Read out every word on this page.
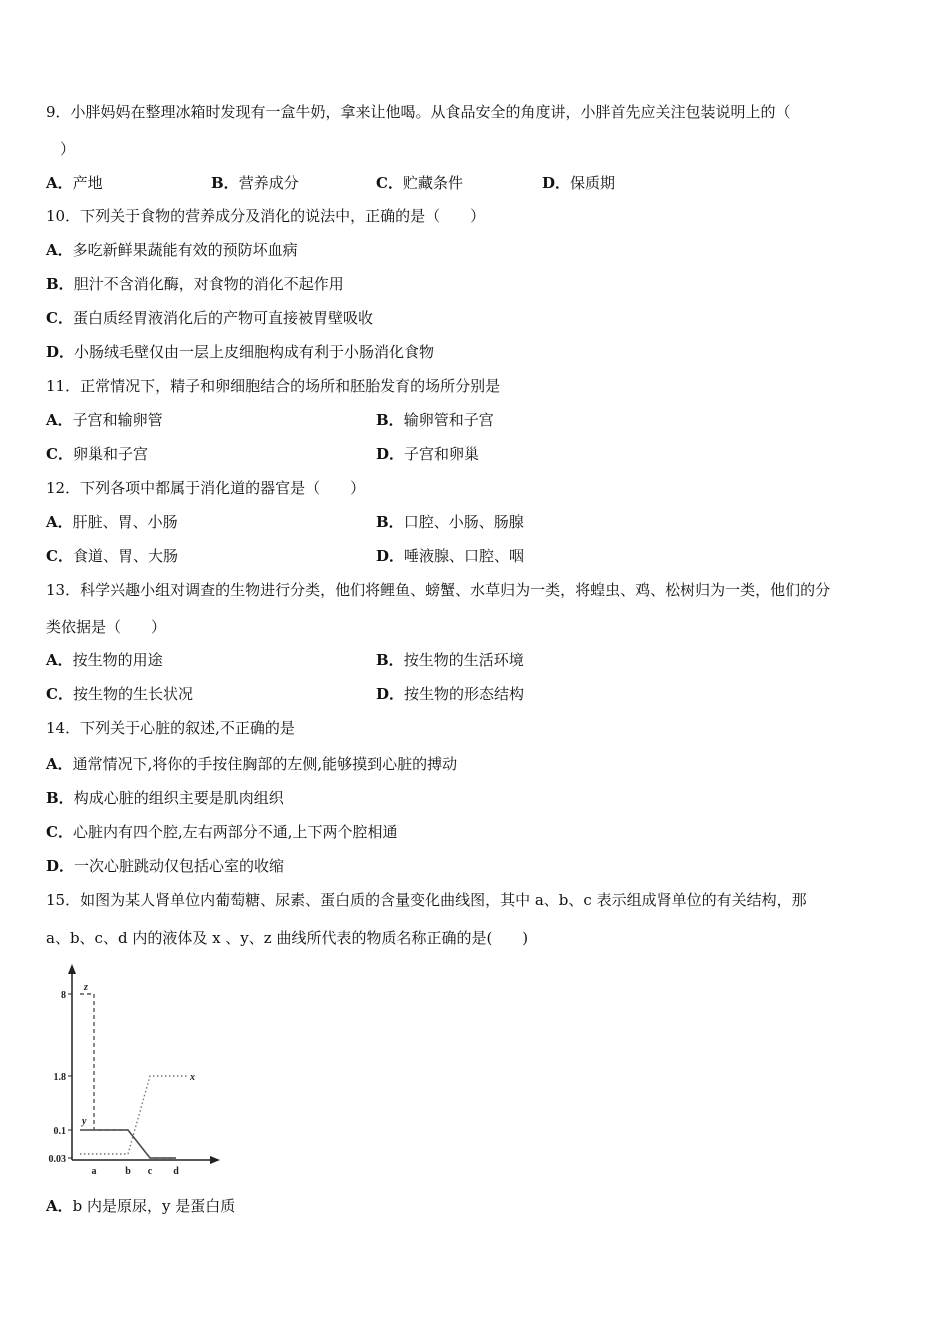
9．小胖妈妈在整理冰箱时发现有一盒牛奶，拿来让他喝。从食品安全的角度讲，小胖首先应关注包装说明上的（
）
A．产地	B．营养成分	C．贮藏条件	D．保质期
10．下列关于食物的营养成分及消化的说法中，正确的是（　　）
A．多吃新鲜果蔬能有效的预防坏血病
B．胆汁不含消化酶，对食物的消化不起作用
C．蛋白质经胃液消化后的产物可直接被胃壁吸收
D．小肠绒毛壁仅由一层上皮细胞构成有利于小肠消化食物
11．正常情况下，精子和卵细胞结合的场所和胚胎发育的场所分别是
A．子宫和输卵管	B．输卵管和子宫
C．卵巢和子宫	D．子宫和卵巢
12．下列各项中都属于消化道的器官是（　　）
A．肝脏、胃、小肠	B．口腔、小肠、肠腺
C．食道、胃、大肠	D．唾液腺、口腔、咽
13．科学兴趣小组对调查的生物进行分类，他们将鲤鱼、螃蟹、水草归为一类，将蝗虫、鸡、松树归为一类，他们的分
类依据是（　　）
A．按生物的用途	B．按生物的生活环境
C．按生物的生长状况	D．按生物的形态结构
14．下列关于心脏的叙述,不正确的是
A．通常情况下,将你的手按住胸部的左侧,能够摸到心脏的搏动
B．构成心脏的组织主要是肌肉组织
C．心脏内有四个腔,左右两部分不通,上下两个腔相通
D．一次心脏跳动仅包括心室的收缩
15．如图为某人肾单位内葡萄糖、尿素、蛋白质的含量变化曲线图，其中 a、b、c 表示组成肾单位的有关结构，那
a、b、c、d 内的液体及 x 、y、z 曲线所代表的物质名称正确的是(　　)
8
1.8
0.1
0.03
a	b c d
x
y
z
A．b 内是原尿，y 是蛋白质
